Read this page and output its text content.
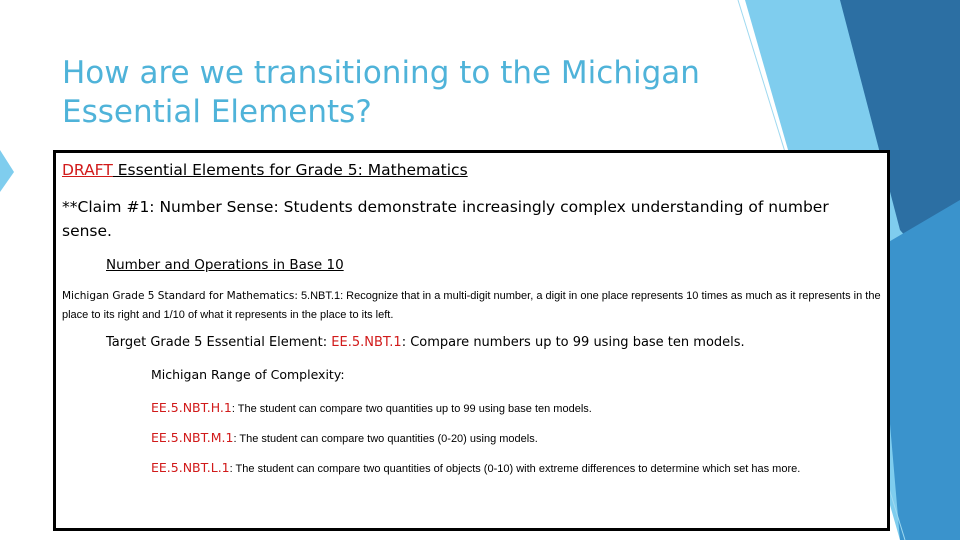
How are we transitioning to the Michigan
Essential Elements?
DRAFT Essential Elements for Grade 5: Mathematics
**Claim #1: Number Sense: Students demonstrate increasingly complex understanding of number sense.
Number and Operations in Base 10
Michigan Grade 5 Standard for Mathematics: 5.NBT.1: Recognize that in a multi-digit number, a digit in one place represents 10 times as much as it represents in the place to its right and 1/10 of what it represents in the place to its left.
Target Grade 5 Essential Element: EE.5.NBT.1: Compare numbers up to 99 using base ten models.
Michigan Range of Complexity:
EE.5.NBT.H.1: The student can compare two quantities up to 99 using base ten models.
EE.5.NBT.M.1: The student can compare two quantities (0-20) using models.
EE.5.NBT.L.1: The student can compare two quantities of objects (0-10) with extreme differences to determine which set has more.
